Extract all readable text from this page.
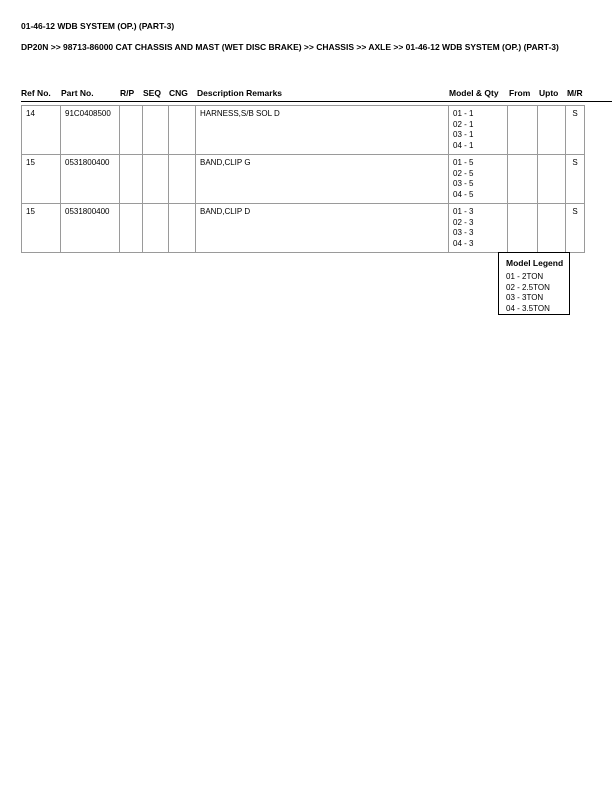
01-46-12 WDB SYSTEM (OP.) (PART-3)
DP20N >> 98713-86000 CAT CHASSIS AND MAST (WET DISC BRAKE) >> CHASSIS >> AXLE >> 01-46-12 WDB SYSTEM (OP.) (PART-3)
Ref No. Part No.	R/P SEQ CNG Description Remarks	Model & Qty From Upto M/R
14	91C0408500				HARNESS,S/B SOL D	01 - 1
02 - 1
03 - 1
04 - 1			S
15	0531800400				BAND,CLIP G	01 - 5
02 - 5
03 - 5
04 - 5			S
15	0531800400				BAND,CLIP D	01 - 3
02 - 3
03 - 3
04 - 3			S
Model Legend
01 - 2TON
02 - 2.5TON
03 - 3TON
04 - 3.5TON
